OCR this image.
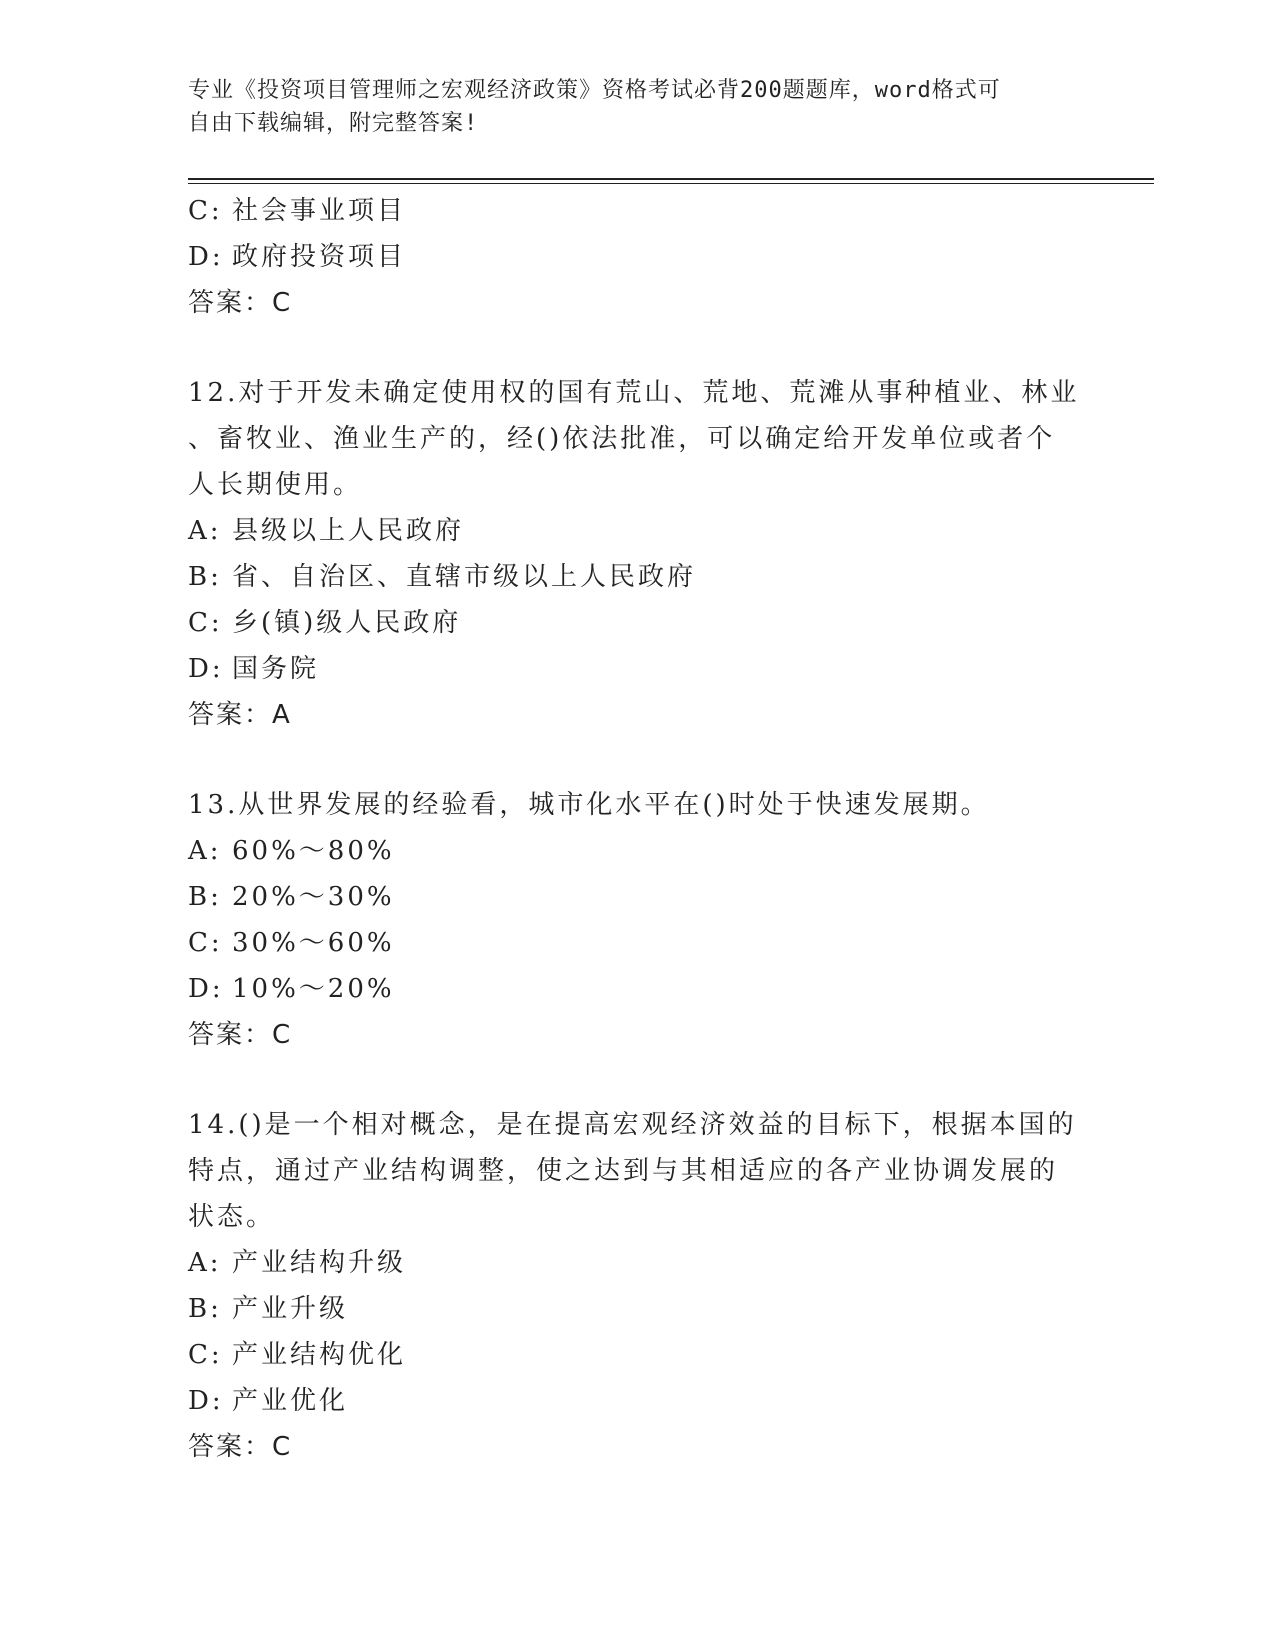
专业《投资项目管理师之宏观经济政策》资格考试必背200题题库，word格式可
自由下载编辑，附完整答案!
C: 社会事业项目
D: 政府投资项目
答案：C
12.对于开发未确定使用权的国有荒山、荒地、荒滩从事种植业、林业
、畜牧业、渔业生产的，经()依法批准，可以确定给开发单位或者个
人长期使用。
A: 县级以上人民政府
B: 省、自治区、直辖市级以上人民政府
C: 乡(镇)级人民政府
D: 国务院
答案：A
13.从世界发展的经验看，城市化水平在()时处于快速发展期。
A: 60%～80%
B: 20%～30%
C: 30%～60%
D: 10%～20%
答案：C
14.()是一个相对概念，是在提高宏观经济效益的目标下，根据本国的
特点，通过产业结构调整，使之达到与其相适应的各产业协调发展的
状态。
A: 产业结构升级
B: 产业升级
C: 产业结构优化
D: 产业优化
答案：C
